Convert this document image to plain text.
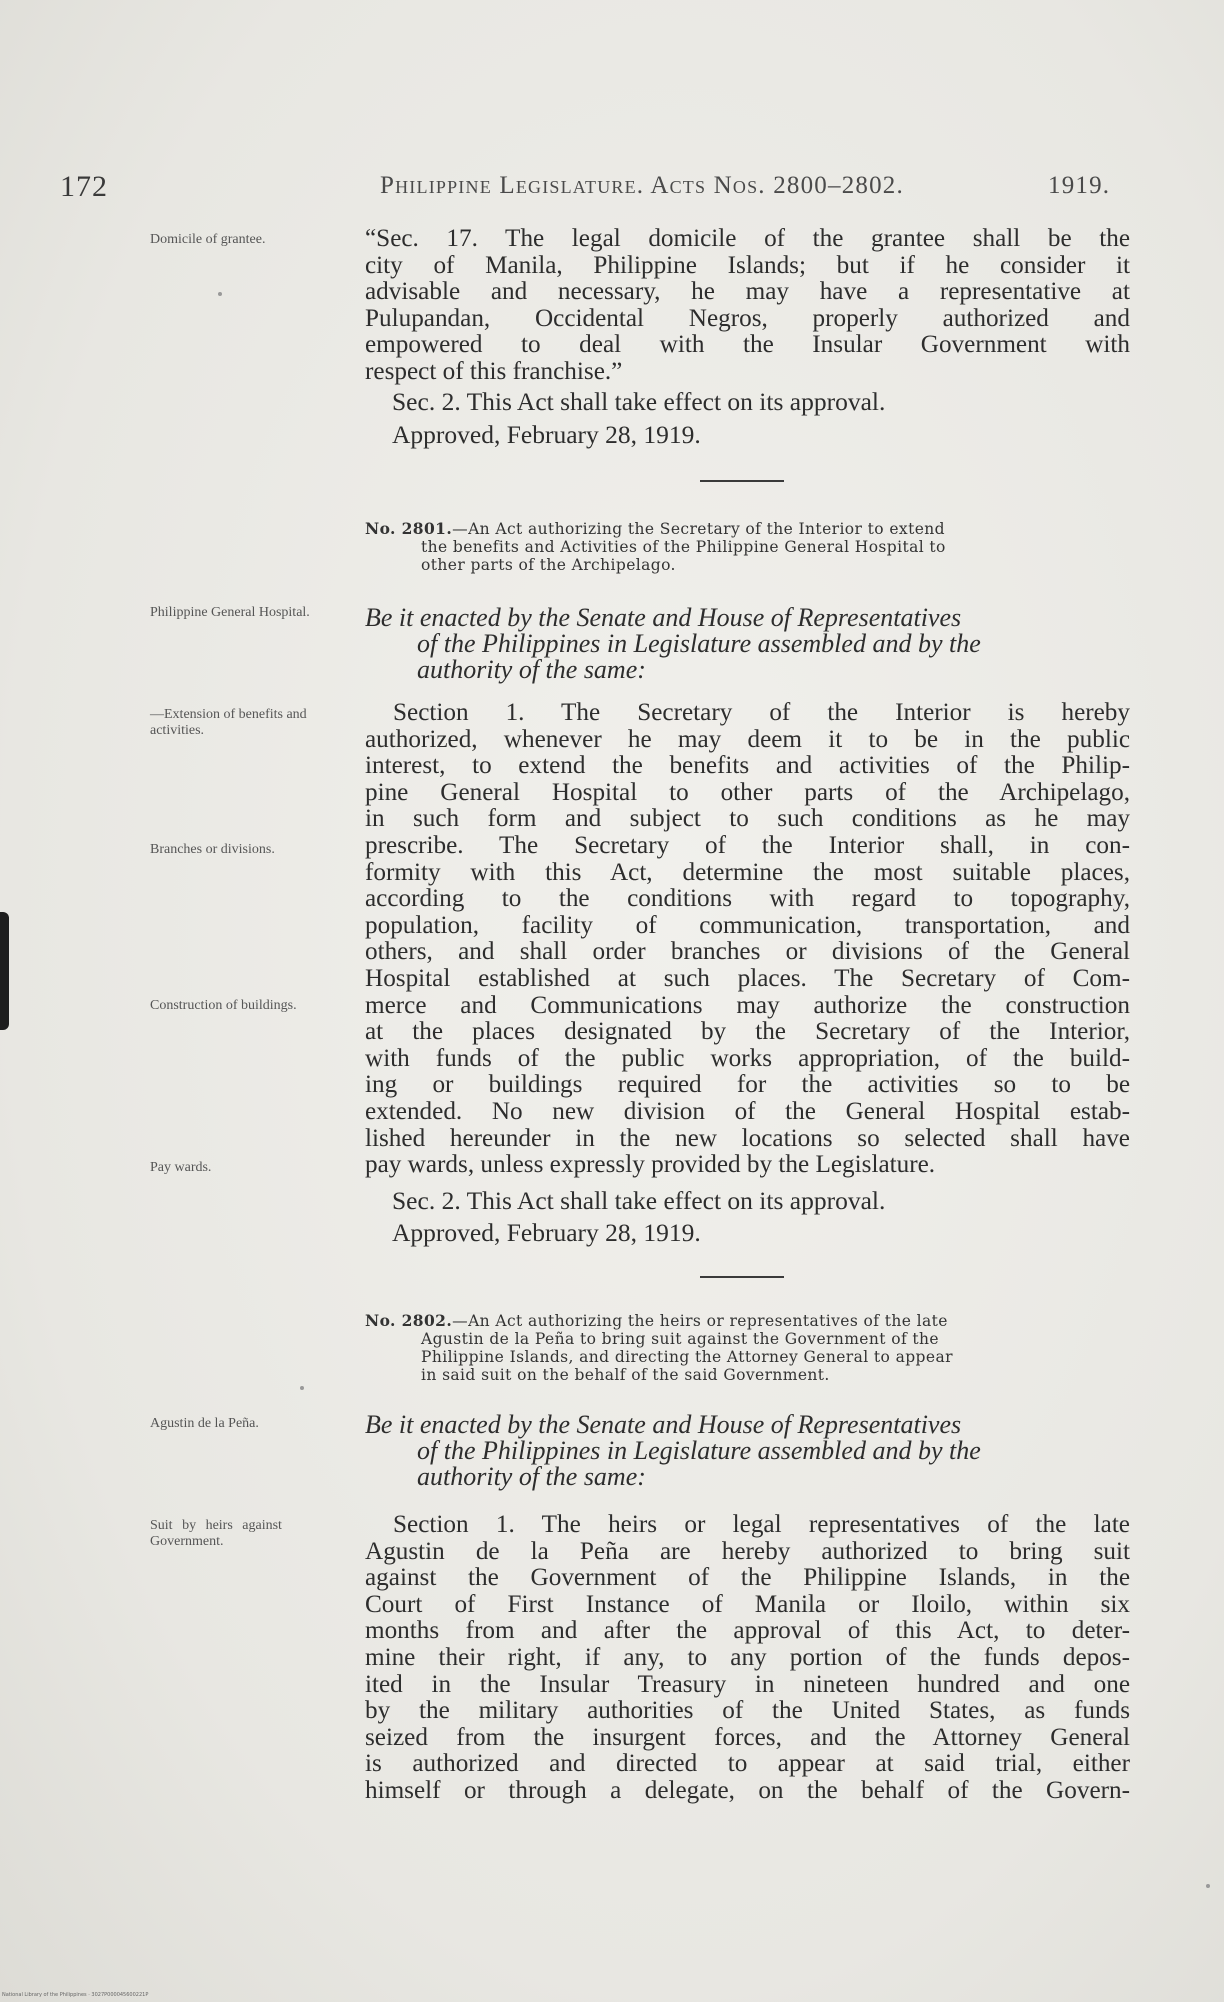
172	Philippine Legislature. Acts Nos. 2800–2802.	1919.
Domicile of grantee.	“Sec. 17. The legal domicile of the grantee shall be the
city of Manila, Philippine Islands; but if he consider it
advisable and necessary, he may have a representative at
Pulupandan, Occidental Negros, properly authorized and
empowered to deal with the Insular Government with
respect of this franchise.”
Sec. 2. This Act shall take effect on its approval.
Approved, February 28, 1919.
No. 2801.—An Act authorizing the Secretary of the Interior to extend
the benefits and Activities of the Philippine General Hospital to
other parts of the Archipelago.
Philippine General Hospital.	Be it enacted by the Senate and House of Representatives
of the Philippines in Legislature assembled and by the
authority of the same:
—Extension of benefits and activities.
Branches or divisions.
Construction of buildings.
Pay wards.
Section 1. The Secretary of the Interior is hereby
authorized, whenever he may deem it to be in the public
interest, to extend the benefits and activities of the Philip-
pine General Hospital to other parts of the Archipelago,
in such form and subject to such conditions as he may
prescribe. The Secretary of the Interior shall, in con-
formity with this Act, determine the most suitable places,
according to the conditions with regard to topography,
population, facility of communication, transportation, and
others, and shall order branches or divisions of the General
Hospital established at such places. The Secretary of Com-
merce and Communications may authorize the construction
at the places designated by the Secretary of the Interior,
with funds of the public works appropriation, of the build-
ing or buildings required for the activities so to be
extended. No new division of the General Hospital estab-
lished hereunder in the new locations so selected shall have
pay wards, unless expressly provided by the Legislature.
Sec. 2. This Act shall take effect on its approval.
Approved, February 28, 1919.
No. 2802.—An Act authorizing the heirs or representatives of the late
Agustin de la Peña to bring suit against the Government of the
Philippine Islands, and directing the Attorney General to appear
in said suit on the behalf of the said Government.
Agustin de la Peña.	Be it enacted by the Senate and House of Representatives
of the Philippines in Legislature assembled and by the
authority of the same:
Suit by heirs against Government.
Section 1. The heirs or legal representatives of the late
Agustin de la Peña are hereby authorized to bring suit
against the Government of the Philippine Islands, in the
Court of First Instance of Manila or Iloilo, within six
months from and after the approval of this Act, to deter-
mine their right, if any, to any portion of the funds depos-
ited in the Insular Treasury in nineteen hundred and one
by the military authorities of the United States, as funds
seized from the insurgent forces, and the Attorney General
is authorized and directed to appear at said trial, either
himself or through a delegate, on the behalf of the Govern-
National Library of the Philippines · 3027P000045600221P
